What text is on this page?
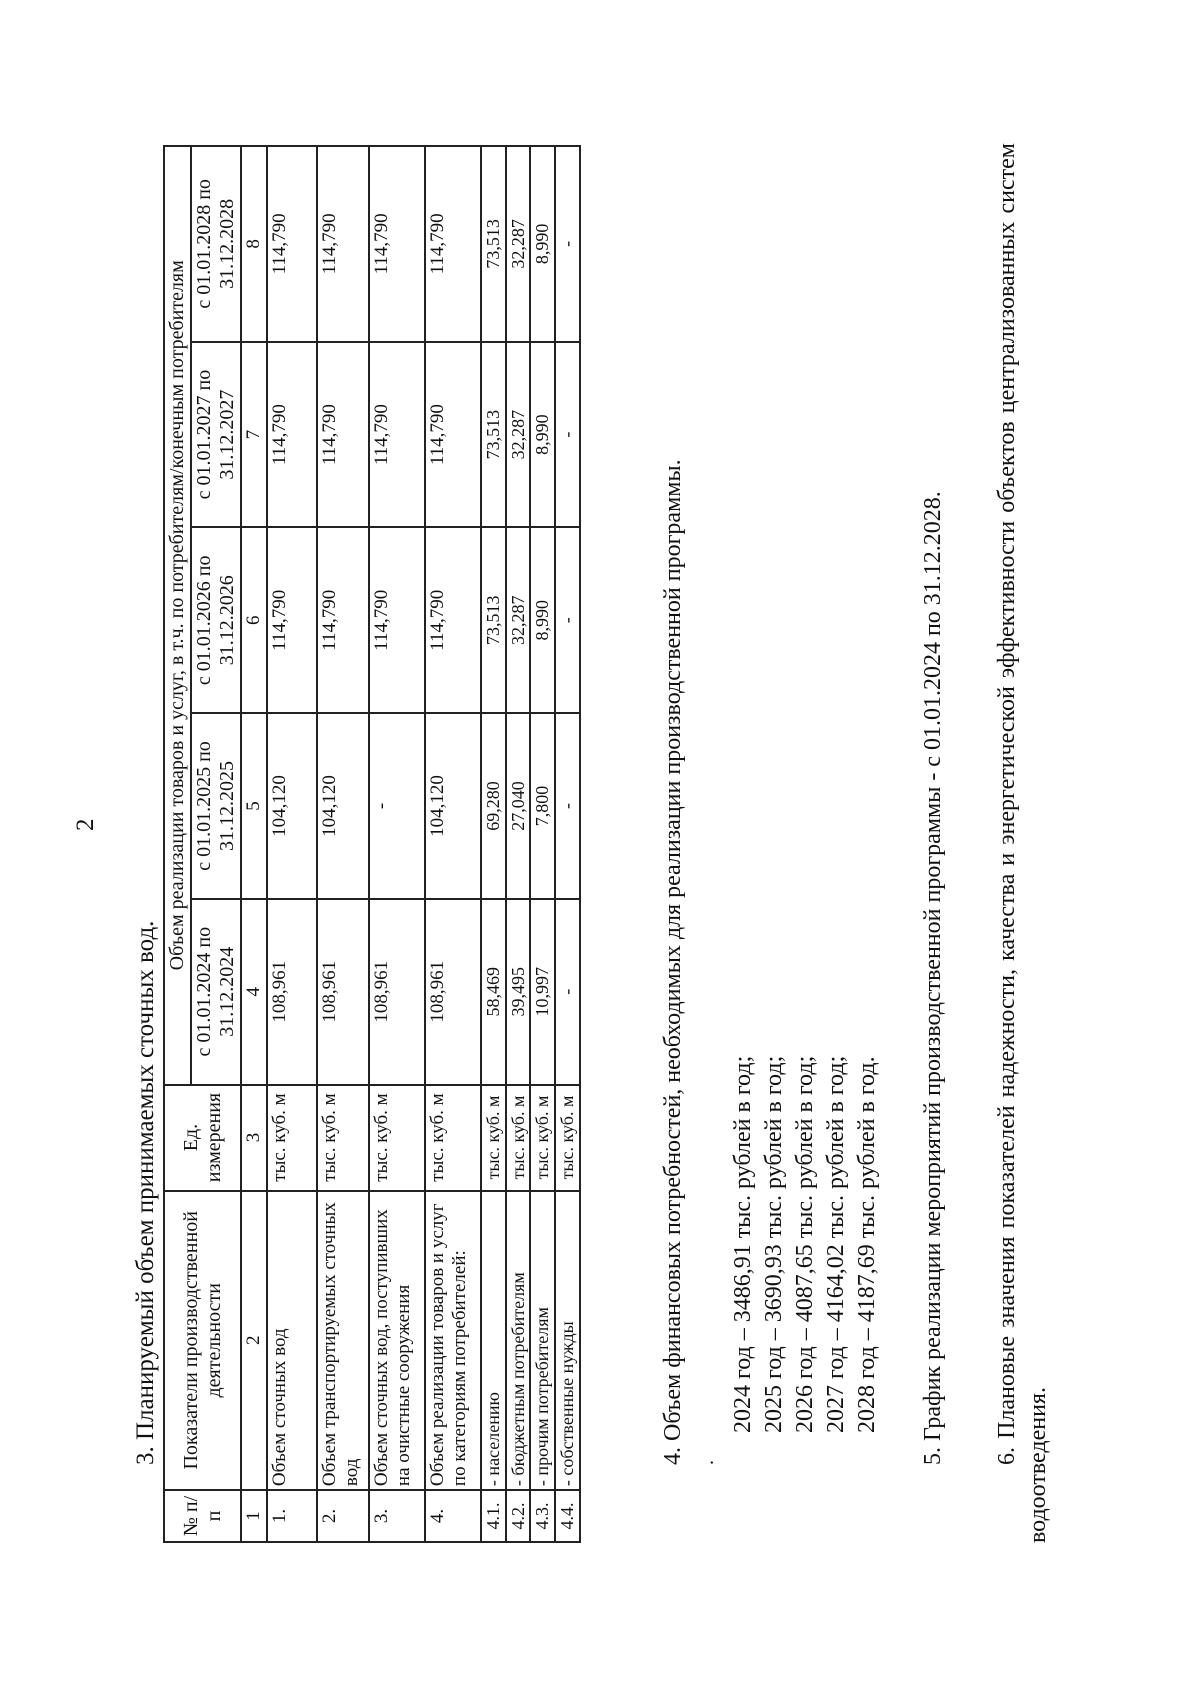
2
3. Планируемый объем принимаемых сточных вод.
№ п/п	Показатели производственной деятельности	Ед. измерения	Объем реализации товаров и услуг, в т.ч. по потребителям/конечным потребителям				
			с 01.01.2024 по 31.12.2024	с 01.01.2025 по 31.12.2025	с 01.01.2026 по 31.12.2026	с 01.01.2027 по 31.12.2027	с 01.01.2028 по 31.12.2028
1	2	3	4	5	6	7	8
1.	Объем сточных вод	тыс. куб. м	108,961	104,120	114,790	114,790	114,790
2.	Объем транспортируемых сточных вод	тыс. куб. м	108,961	104,120	114,790	114,790	114,790
3.	Объем сточных вод, поступивших на очистные сооружения	тыс. куб. м	108,961	-	114,790	114,790	114,790
4.	Объем реализации товаров и услуг по категориям потребителей:	тыс. куб. м	108,961	104,120	114,790	114,790	114,790
4.1.	- населению	тыс. куб. м	58,469	69,280	73,513	73,513	73,513
4.2.	- бюджетным потребителям	тыс. куб. м	39,495	27,040	32,287	32,287	32,287
4.3.	- прочим потребителям	тыс. куб. м	10,997	7,800	8,990	8,990	8,990
4.4.	- собственные нужды	тыс. куб. м	-	-	-	-	-
4. Объем финансовых потребностей, необходимых для реализации производственной программы. .
2024 год – 3486,91 тыс. рублей в год; 2025 год – 3690,93 тыс. рублей в год; 2026 год – 4087,65 тыс. рублей в год; 2027 год – 4164,02 тыс. рублей в год; 2028 год – 4187,69 тыс. рублей в год. 5. График реализации мероприятий производственной программы - с 01.01.2024 по 31.12.2028. 6. Плановые значения показателей надежности, качества и энергетической эффективности объектов централизованных систем водоотведения.
